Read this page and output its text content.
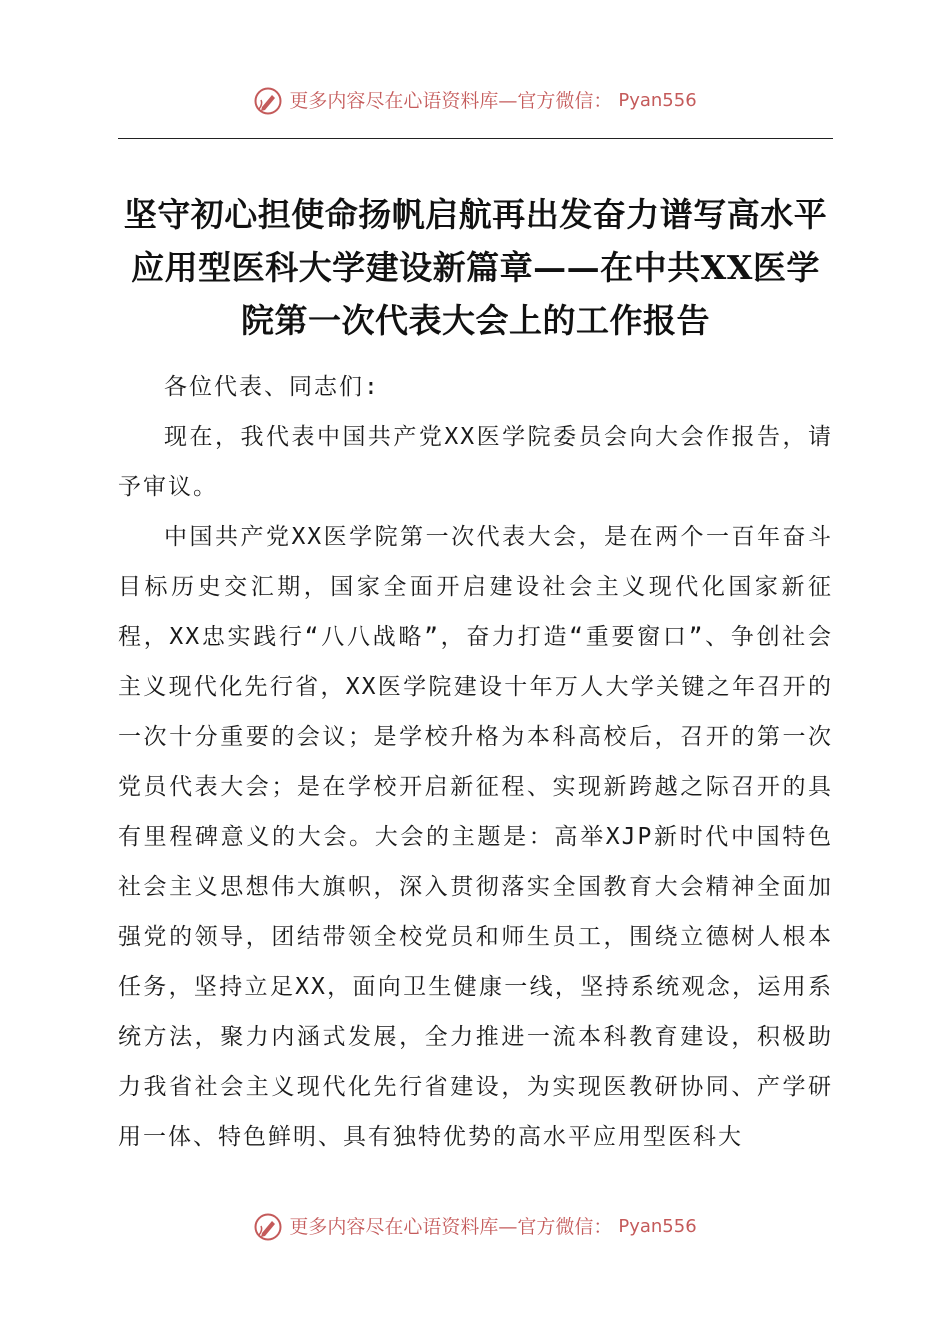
更多内容尽在心语资料库—官方微信： Pyan556
坚守初心担使命扬帆启航再出发奋力谱写高水平应用型医科大学建设新篇章——在中共XX医学院第一次代表大会上的工作报告

各位代表、同志们:

现在，我代表中国共产党XX医学院委员会向大会作报告，请予审议。

中国共产党XX医学院第一次代表大会，是在两个一百年奋斗目标历史交汇期，国家全面开启建设社会主义现代化国家新征程，XX忠实践行“八八战略”，奋力打造“重要窗口”、争创社会主义现代化先行省，XX医学院建设十年万人大学关键之年召开的一次十分重要的会议；是学校升格为本科高校后，召开的第一次党员代表大会；是在学校开启新征程、实现新跨越之际召开的具有里程碑意义的大会。大会的主题是：高举XJP新时代中国特色社会主义思想伟大旗帜，深入贯彻落实全国教育大会精神全面加强党的领导，团结带领全校党员和师生员工，围绕立德树人根本任务，坚持立足XX，面向卫生健康一线，坚持系统观念，运用系统方法，聚力内涵式发展，全力推进一流本科教育建设，积极助力我省社会主义现代化先行省建设，为实现医教研协同、产学研用一体、特色鲜明、具有独特优势的高水平应用型医科大

更多内容尽在心语资料库—官方微信： Pyan556
